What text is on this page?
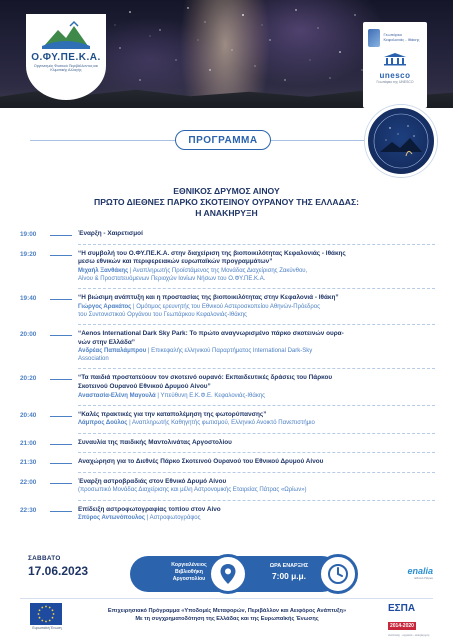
Ο.ΦΥ.ΠΕ.Κ.Α.
Οργανισμός Φυσικού Περιβάλλοντος και Κλιματικής Αλλαγής
Γεωπάρκο Κεφαλονιάς - Ιθάκης
unesco
Γεωπάρκο της UNESCO
ΠΡΟΓΡΑΜΜΑ
ΕΘΝΙΚΟΣ ΔΡΥΜΟΣ ΑΙΝΟΥ
ΠΡΩΤΟ ΔΙΕΘΝΕΣ ΠΑΡΚΟ ΣΚΟΤΕΙΝΟΥ ΟΥΡΑΝΟΥ ΤΗΣ ΕΛΛΑΔΑΣ:
Η ΑΝΑΚΗΡΥΞΗ
19:00	Έναρξη - Χαιρετισμοί
19:20	“Η συμβολή του Ο.ΦΥ.ΠΕ.Κ.Α. στην διαχείριση της βιοποικιλότητας Κεφαλονιάς - Ιθάκης
μεσω εθνικών και περιφερειακών ευρωπαϊκών προγραμμάτων”
Μιχαήλ Ξανθάκης | Αναπληρωτής Προϊστάμενος της Μονάδας Διαχείρισης Ζακύνθου,
Αίνου & Προστατευόμενων Περιοχών Ιονίων Νήσων του Ο.ΦΥ.ΠΕ.Κ.Α.
19:40	“Η βιώσιμη ανάπτυξη και η προστασίας της βιοποικιλότητας στην Κεφαλονιά - Ιθάκη”
Γιώργος Αρακάτος | Ομότιμος ερευνητής του Εθνικού Αστεροσκοπείου Αθηνών-Πρόεδρος
του Συντονιστικού Οργάνου του Γεωπάρκου Κεφαλονιάς-Ιθάκης
20:00	“Aenos International Dark Sky Park: Το πρώτο αναγνωρισμένο πάρκο σκοτεινών ουρα-
νών στην Ελλάδα”
Ανδρέας Παπαλάμπρου | Επικεφαλής ελληνικού Παραρτήματος International Dark-Sky
Association
20:20	“Τα παιδιά προστατεύουν τον σκοτεινό ουρανό: Εκπαιδευτικές δράσεις του Πάρκου
Σκοτεινού Ουρανού Εθνικού Δρυμού Αίνου”
Αναστασία-Ελένη Μαγουλά | Υπεύθυνη Ε.Κ.Φ.Ε. Κεφαλονιάς-Ιθάκης
20:40	“Καλές πρακτικές για την καταπολέμηση της φωτορύπανσης”
Λάμπρος Δούλος | Αναπληρωτής Καθηγητής φωτισμού, Ελληνικό Ανοικτό Πανεπιστήμιο
21:00	Συναυλία της παιδικής Μαντολινάτας Αργοστολίου
21:30	Αναχώρηση για το Διεθνές Πάρκο Σκοτεινού Ουρανού του Εθνικού Δρυμού Αίνου
22:00	Έναρξη αστροβραδιάς στον Εθνικό Δρυμό Αίνου
(προσωπικό Μονάδας Διαχείρισης και μέλη Αστρονομικής Εταιρείας Πάτρας «Ωρίων»)
22:30	Επίδειξη αστροφωτογραφίας τοπίου στον Αίνο
Σπύρος Αντωνόπουλος | Αστροφωτογράφος
ΣΑΒΒΑΤΟ
17.06.2023	Κοργιαλένειος
Βιβλιοθήκη
Αργοστολίου
ΩΡΑ ΕΝΑΡΞΗΣ
7:00 μ.μ.	enalia
Εθνικό Πάρκο
Ευρωπαϊκή Ένωση
Επιχειρησιακό Πρόγραμμα «Υποδομές Μεταφορών, Περιβάλλον και Αειφόρος Ανάπτυξη»
Με τη συγχρηματοδότηση της Ελλάδας και της Ευρωπαϊκής Ένωσης
ΕΣΠΑ
2014-2020
ανάπτυξη - εργασία - αλληλεγγύη
